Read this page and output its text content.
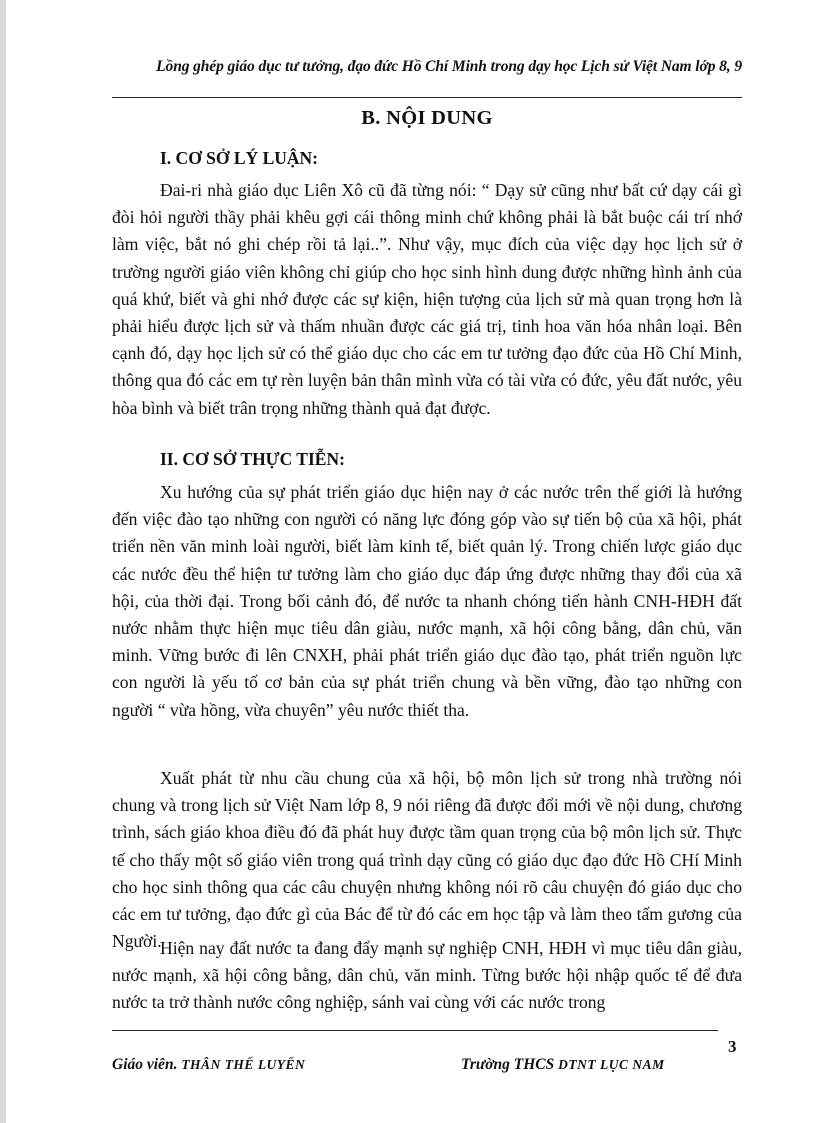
Lồng ghép giáo dục tư tưởng, đạo đức Hồ Chí Minh trong dạy học Lịch sử Việt Nam lớp 8, 9
B. NỘI DUNG
I. CƠ SỞ LÝ LUẬN:

Đai-ri nhà giáo dục Liên Xô cũ đã từng nói: “ Dạy sử cũng như bất cứ dạy cái gì đòi hỏi người thầy phải khêu gợi cái thông minh chứ không phải là bắt buộc cái trí nhớ làm việc, bắt nó ghi chép rồi tả lại..”. Như vậy, mục đích của việc dạy học lịch sử ở trường người giáo viên không chỉ giúp cho học sinh hình dung được những hình ảnh của quá khứ, biết và ghi nhớ được các sự kiện, hiện tượng của lịch sử mà quan trọng hơn là phải hiểu được lịch sử và thấm nhuần được các giá trị, tinh hoa văn hóa nhân loại. Bên cạnh đó, dạy học lịch sử có thể giáo dục cho các em tư tưởng đạo đức của Hồ Chí Minh, thông qua đó các em tự rèn luyện bản thân mình vừa có tài vừa có đức, yêu đất nước, yêu hòa bình và biết trân trọng những thành quả đạt được.

II. CƠ SỞ THỰC TIỄN:

Xu hướng của sự phát triển giáo dục hiện nay ở các nước trên thế giới là hướng đến việc đào tạo những con người có năng lực đóng góp vào sự tiến bộ của xã hội, phát triển nền văn minh loài người, biết làm kinh tế, biết quản lý. Trong chiến lược giáo dục các nước đều thể hiện tư tưởng làm cho giáo dục đáp ứng được những thay đổi của xã hội, của thời đại. Trong bối cảnh đó, để nước ta nhanh chóng tiến hành CNH-HĐH đất nước nhằm thực hiện mục tiêu dân giàu, nước mạnh, xã hội công bằng, dân chủ, văn minh. Vững bước đi lên CNXH, phải phát triển giáo dục đào tạo, phát triển nguồn lực con người là yếu tố cơ bản của sự phát triển chung và bền vững, đào tạo những con người “ vừa hồng, vừa chuyên” yêu nước thiết tha.

Xuất phát từ nhu cầu chung của xã hội, bộ môn lịch sử trong nhà trường nói chung và trong lịch sử Việt Nam lớp 8, 9 nói riêng đã được đổi mới về nội dung, chương trình, sách giáo khoa điều đó đã phát huy được tầm quan trọng của bộ môn lịch sử. Thực tế cho thấy một số giáo viên trong quá trình dạy cũng có giáo dục đạo đức Hồ CHí Minh cho học sinh thông qua các câu chuyện nhưng không nói rõ câu chuyện đó giáo dục cho các em tư tưởng, đạo đức gì của Bác để từ đó các em học tập và làm theo tấm gương của Người.

Hiện nay đất nước ta đang đẩy mạnh sự nghiệp CNH, HĐH vì mục tiêu dân giàu, nước mạnh, xã hội công bằng, dân chủ, văn minh. Từng bước hội nhập quốc tế để đưa nước ta trở thành nước công nghiệp, sánh vai cùng với các nước trong

3
Giáo viên. THÂN THẾ LUYẾN	Trường THCS DTNT LỤC NAM
